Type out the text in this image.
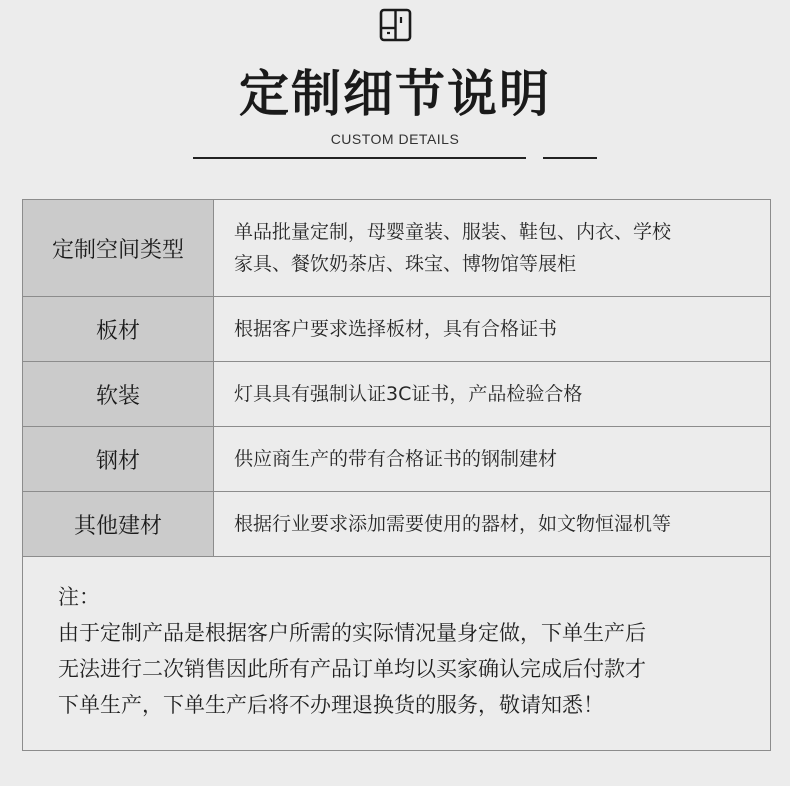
定制细节说明
CUSTOM DETAILS
定制空间类型	单品批量定制，母婴童装、服装、鞋包、内衣、学校
家具、餐饮奶茶店、珠宝、博物馆等展柜

板材	根据客户要求选择板材，具有合格证书

软装	灯具具有强制认证3C证书，产品检验合格

钢材	供应商生产的带有合格证书的钢制建材

其他建材	根据行业要求添加需要使用的器材，如文物恒湿机等
注：
由于定制产品是根据客户所需的实际情况量身定做，下单生产后
无法进行二次销售因此所有产品订单均以买家确认完成后付款才
下单生产，下单生产后将不办理退换货的服务，敬请知悉！
